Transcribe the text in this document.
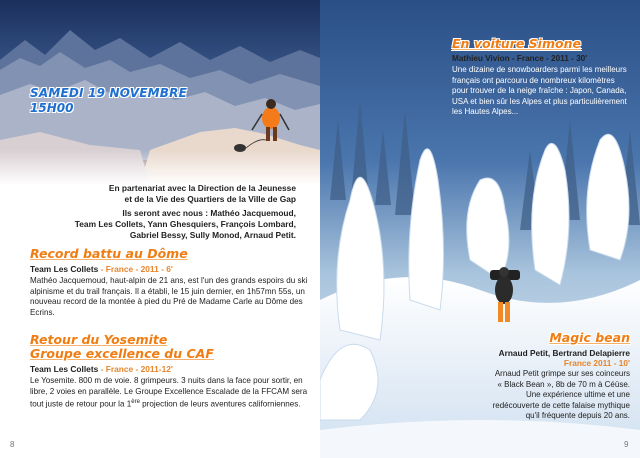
SAMEDI 19 NOVEMBRE
15H00
En partenariat avec la Direction de la Jeunesse
et de la Vie des Quartiers de la Ville de Gap
Ils seront avec nous : Mathéo Jacquemoud,
Team Les Collets, Yann Ghesquiers, François Lombard,
Gabriel Bessy, Sully Monod, Arnaud Petit.
Record battu au Dôme
Team Les Collets - France - 2011 - 6'
Mathéo Jacquemoud, haut-alpin de 21 ans, est l'un des grands espoirs du ski alpinisme et du trail français. Il a établi, le 15 juin dernier, en 1h57mn 55s, un nouveau record de la montée à pied du Pré de Madame Carle au Dôme des Ecrins.
Retour du Yosemite
Groupe excellence du CAF
Team Les Collets - France - 2011-12'
Le Yosemite. 800 m de voie. 8 grimpeurs. 3 nuits dans la face pour sortir, en libre, 2 voies en parallèle. Le Groupe Excellence Escalade de la FFCAM sera tout juste de retour pour la 1ère projection de leurs aventures californiennes.
8
En voiture Simone
Mathieu Vivion - France - 2011 - 30'
Une dizaine de snowboarders parmi les meilleurs français ont parcouru de nombreux kilomètres pour trouver de la neige fraîche : Japon, Canada, USA et bien sûr les Alpes et plus particulièrement les Hautes Alpes...
Magic bean
Arnaud Petit, Bertrand Delapierre
France 2011 - 10'
Arnaud Petit grimpe sur ses coinceurs
« Black Bean », 8b de 70 m à Céüse.
Une expérience ultime et une
redécouverte de cette falaise mythique
qu'il fréquente depuis 20 ans.
9
